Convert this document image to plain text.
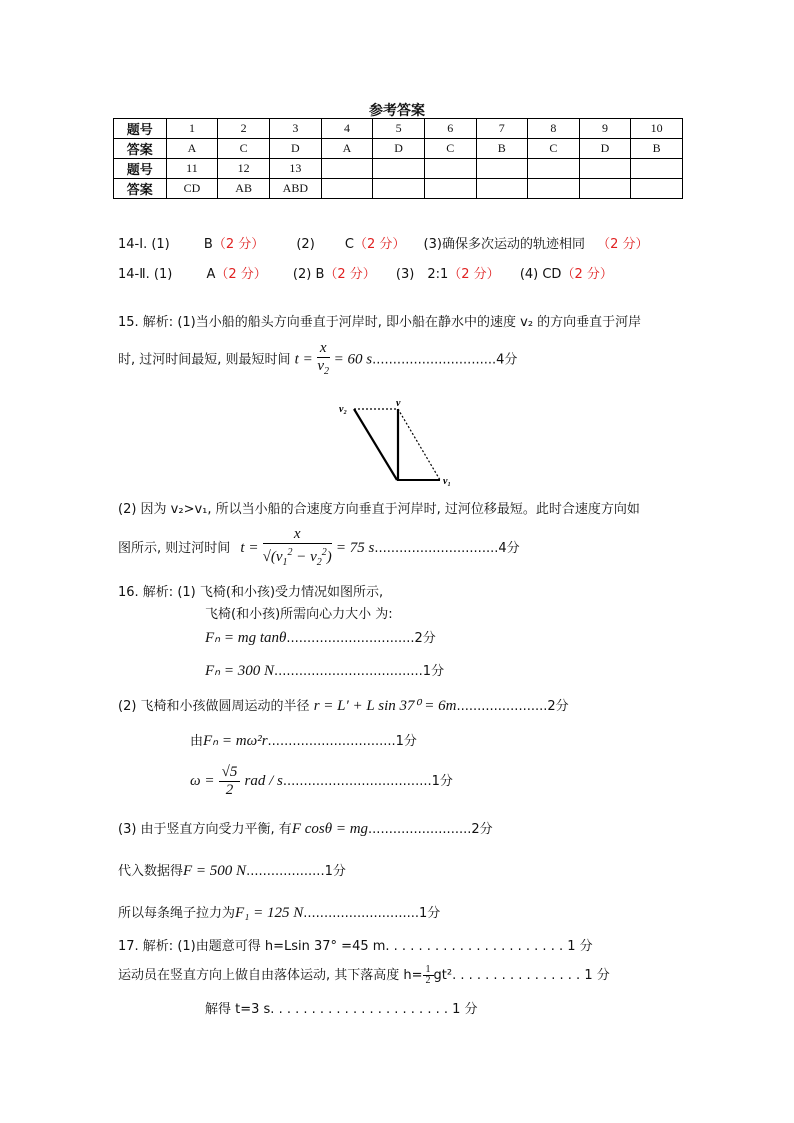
参考答案
题号	1	2	3	4	5	6	7	8	9	10
答案	A	C	D	A	D	C	B	C	D	B
题号	11	12	13							
答案	CD	AB	ABD							
14-Ⅰ. (1)	B（2 分） (2) C（2 分） (3)确保多次运动的轨迹相同 （2 分）
14-Ⅱ. (1)	A（2 分） (2) B（2 分） (3)　2:1（2 分） (4) CD（2 分）
15. 解析: (1)当小船的船头方向垂直于河岸时, 即小船在静水中的速度 v₂ 的方向垂直于河岸
时, 过河时间最短, 则最短时间 $t = \frac{x}{v_2} = 60$ s..............................4分
v₂
v
v₁
(2) 因为 v₂>v₁, 所以当小船的合速度方向垂直于河岸时, 过河位移最短。此时合速度方向如
图所示, 则过河时间 $t = \frac{x}{√(v_1^2 - v_2^2)} = 75$ s..............................4分
16. 解析: (1) 飞椅(和小孩)受力情况如图所示,
飞椅(和小孩)所需向心力大小 为:
Fₙ = mg tanθ...............................2分
Fₙ = 300 N....................................1分
(2) 飞椅和小孩做圆周运动的半径 r = L′ + L sin 37⁰ = 6m......................2分
由Fₙ = mω²r...............................1分
$\omega = \frac{√5}{2}$ rad / s....................................1分
(3) 由于竖直方向受力平衡, 有F cosθ = mg.........................2分
代入数据得F = 500 N...................1分
所以每条绳子拉力为F₁ = 125 N............................1分
17. 解析: (1)由题意可得 h=Lsin 37° =45 m. . . . . . . . . . . . . . . . . . . . . . 1 分
运动员在竖直方向上做自由落体运动, 其下落高度 $h= \frac{1}{2} gt^2$. . . . . . . . . . . . . . . . 1 分
解得 t=3 s. . . . . . . . . . . . . . . . . . . . . . 1 分
